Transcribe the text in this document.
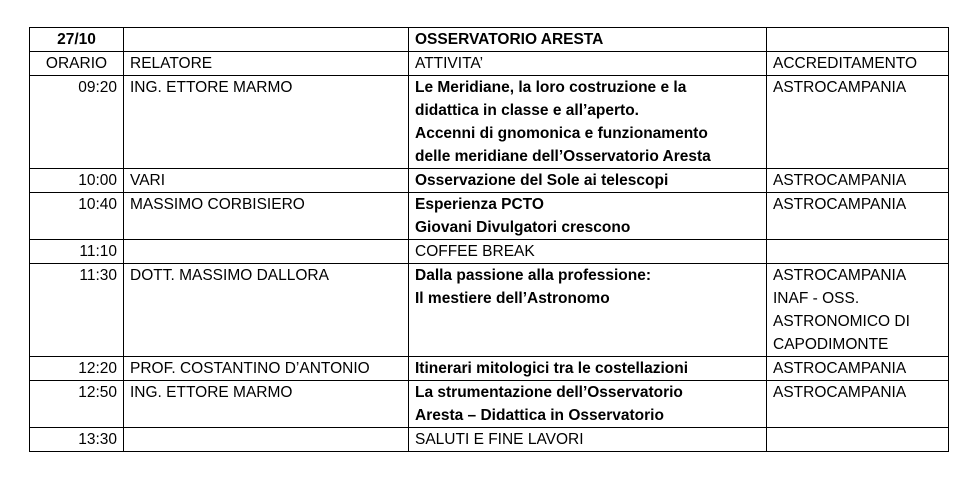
27/10		OSSERVATORIO ARESTA	
ORARIO	RELATORE	ATTIVITA’	ACCREDITAMENTO
09:20	ING. ETTORE MARMO	Le Meridiane, la loro costruzione e la
didattica in classe e all’aperto.
Accenni di gnomonica e funzionamento
delle meridiane dell’Osservatorio Aresta	ASTROCAMPANIA

10:00	VARI	Osservazione del Sole ai telescopi	ASTROCAMPANIA

10:40	MASSIMO CORBISIERO	Esperienza PCTO
Giovani Divulgatori crescono	ASTROCAMPANIA

11:10		COFFEE BREAK	

11:30	DOTT. MASSIMO DALLORA	Dalla passione alla professione:
Il mestiere dell’Astronomo	ASTROCAMPANIA
INAF - OSS.
ASTRONOMICO DI
CAPODIMONTE

12:20	PROF. COSTANTINO D’ANTONIO	Itinerari mitologici tra le costellazioni	ASTROCAMPANIA

12:50	ING. ETTORE MARMO	La strumentazione dell’Osservatorio
Aresta – Didattica in Osservatorio	ASTROCAMPANIA

13:30		SALUTI E FINE LAVORI	
